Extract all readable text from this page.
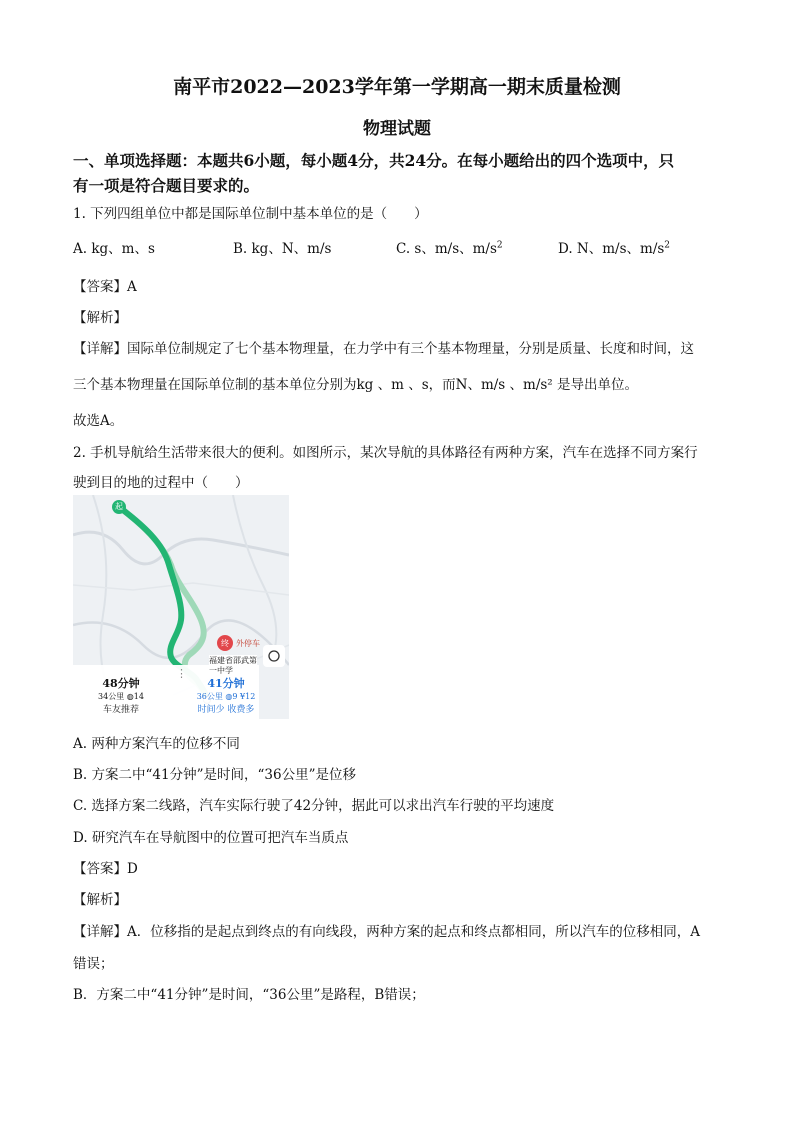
南平市2022—2023学年第一学期高一期末质量检测
物理试题
一、单项选择题：本题共6小题，每小题4分，共24分。在每小题给出的四个选项中，只
有一项是符合题目要求的。
1. 下列四组单位中都是国际单位制中基本单位的是（　　）
A. kg、m、s	B. kg、N、m/s	C. s、m/s、$m/s^2$	D. N、m/s、$m/s^2$
【答案】A
【解析】
【详解】国际单位制规定了七个基本物理量，在力学中有三个基本物理量，分别是质量、长度和时间，这
三个基本物理量在国际单位制的基本单位分别为kg 、m 、s，而N、m/s 、m/s² 是导出单位。
故选A。
2. 手机导航给生活带来很大的便利。如图所示，某次导航的具体路径有两种方案，汽车在选择不同方案行
驶到目的地的过程中（　　）
起
终 外停车
福建省邵武第
一中学
48分钟
34公里 ◍14
车友推荐
⋮
41分钟
36公里 ◍9 ¥12
时间少 收费多
A. 两种方案汽车的位移不同
B. 方案二中“41分钟”是时间，“36公里”是位移
C. 选择方案二线路，汽车实际行驶了42分钟，据此可以求出汽车行驶的平均速度
D. 研究汽车在导航图中的位置可把汽车当质点
【答案】D
【解析】
【详解】A．位移指的是起点到终点的有向线段，两种方案的起点和终点都相同，所以汽车的位移相同，A
错误；
B．方案二中“41分钟”是时间，“36公里”是路程，B错误；
